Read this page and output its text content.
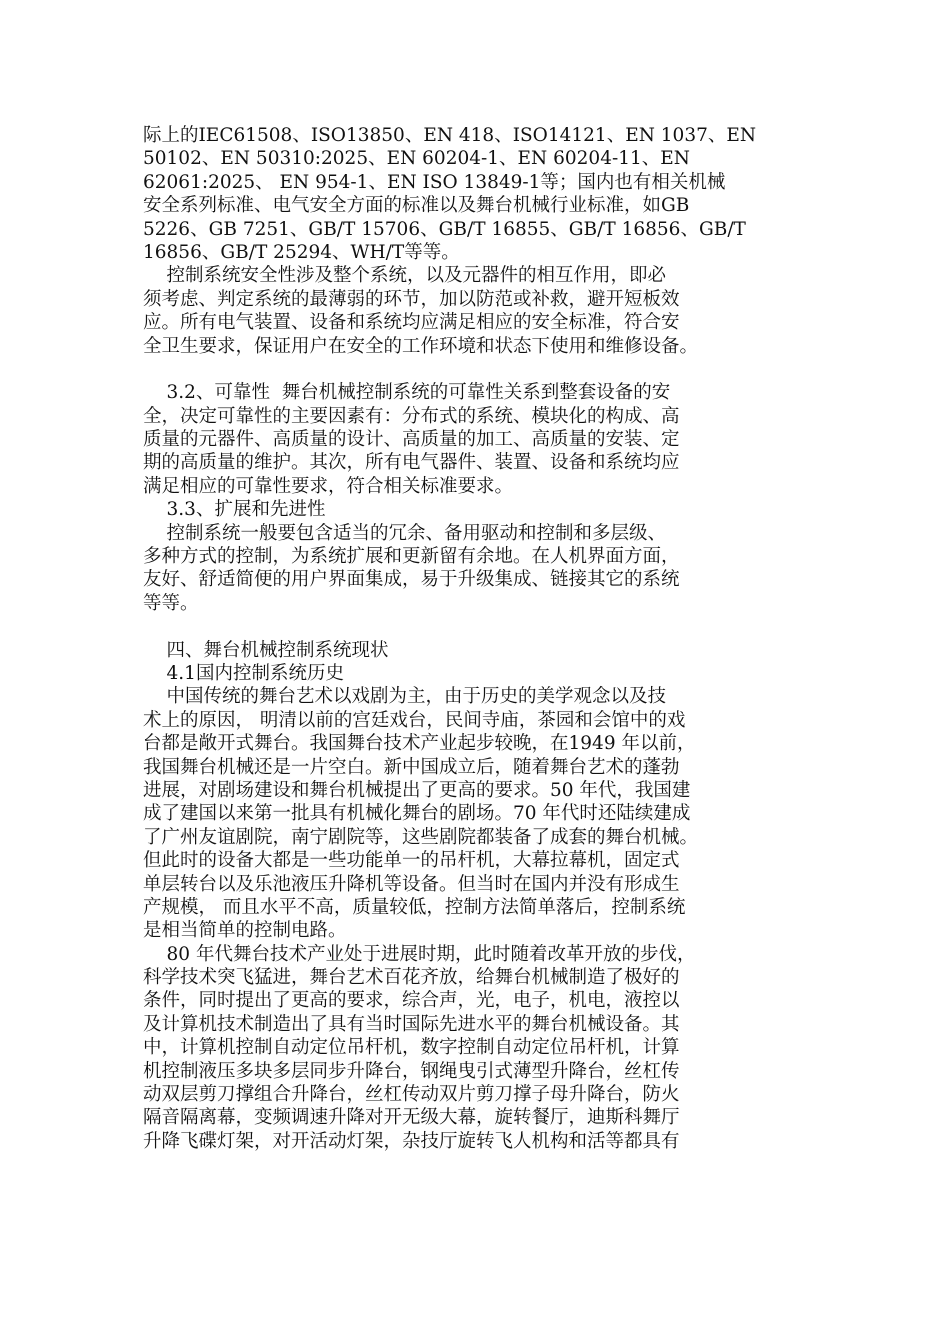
际上的IEC61508、ISO13850、EN 418、ISO14121、EN 1037、EN
50102、EN 50310:2025、EN 60204-1、EN 60204-11、EN
62061:2025、 EN 954-1、EN ISO 13849-1等；国内也有相关机械
安全系列标准、电气安全方面的标准以及舞台机械行业标准，如GB
5226、GB 7251、GB/T 15706、GB/T 16855、GB/T 16856、GB/T
16856、GB/T 25294、WH/T等等。
控制系统安全性涉及整个系统，以及元器件的相互作用，即必
须考虑、判定系统的最薄弱的环节，加以防范或补救，避开短板效
应。所有电气装置、设备和系统均应满足相应的安全标准，符合安
全卫生要求，保证用户在安全的工作环境和状态下使用和维修设备。
3.2、可靠性  舞台机械控制系统的可靠性关系到整套设备的安
全，决定可靠性的主要因素有：分布式的系统、模块化的构成、高
质量的元器件、高质量的设计、高质量的加工、高质量的安装、定
期的高质量的维护。其次，所有电气器件、装置、设备和系统均应
满足相应的可靠性要求，符合相关标准要求。
3.3、扩展和先进性
控制系统一般要包含适当的冗余、备用驱动和控制和多层级、
多种方式的控制，为系统扩展和更新留有余地。在人机界面方面，
友好、舒适简便的用户界面集成，易于升级集成、链接其它的系统
等等。
四、舞台机械控制系统现状
4.1国内控制系统历史
中国传统的舞台艺术以戏剧为主，由于历史的美学观念以及技
术上的原因， 明清以前的宫廷戏台，民间寺庙，茶园和会馆中的戏
台都是敞开式舞台。我国舞台技术产业起步较晚，在1949 年以前，
我国舞台机械还是一片空白。新中国成立后，随着舞台艺术的蓬勃
进展，对剧场建设和舞台机械提出了更高的要求。50 年代，我国建
成了建国以来第一批具有机械化舞台的剧场。70 年代时还陆续建成
了广州友谊剧院，南宁剧院等，这些剧院都装备了成套的舞台机械。
但此时的设备大都是一些功能单一的吊杆机，大幕拉幕机，固定式
单层转台以及乐池液压升降机等设备。但当时在国内并没有形成生
产规模， 而且水平不高，质量较低，控制方法简单落后，控制系统
是相当简单的控制电路。
80 年代舞台技术产业处于进展时期，此时随着改革开放的步伐，
科学技术突飞猛进，舞台艺术百花齐放，给舞台机械制造了极好的
条件，同时提出了更高的要求，综合声，光，电子，机电，液控以
及计算机技术制造出了具有当时国际先进水平的舞台机械设备。其
中，计算机控制自动定位吊杆机，数字控制自动定位吊杆机，计算
机控制液压多块多层同步升降台，钢绳曳引式薄型升降台，丝杠传
动双层剪刀撑组合升降台，丝杠传动双片剪刀撑子母升降台，防火
隔音隔离幕，变频调速升降对开无级大幕，旋转餐厅，迪斯科舞厅
升降飞碟灯架，对开活动灯架，杂技厅旋转飞人机构和活等都具有
